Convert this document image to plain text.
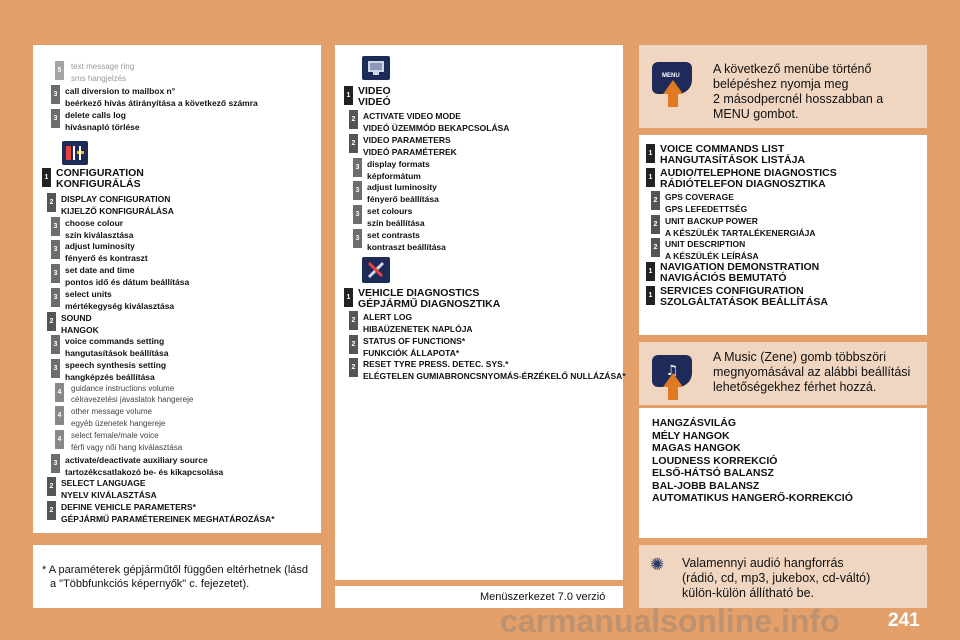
5	text message ring
sms hangjelzés
3 call diversion to mailbox n°
beérkező hívás átirányítása a következő számra
3 delete calls log
hívásnapló törlése
1 CONFIGURATION
KONFIGURÁLÁS
2 DISPLAY CONFIGURATION
KIJELZŐ KONFIGURÁLÁSA
3 choose colour
szín kiválasztása
3 adjust luminosity
fényerő és kontraszt
3 set date and time
pontos idő és dátum beállítása
3 select units
mértékegység kiválasztása
2 SOUND
HANGOK
3 voice commands setting
hangutasítások beállítása
3 speech synthesis setting
hangképzés beállítása
4	guidance instructions volume
célravezetési javaslatok hangereje
4	other message volume
egyéb üzenetek hangereje
4	select female/male voice
férfi vagy női hang kiválasztása
3 activate/deactivate auxiliary source
tartozékcsatlakozó be- és kikapcsolása
2 SELECT LANGUAGE
NYELV KIVÁLASZTÁSA
2 DEFINE VEHICLE PARAMETERS*
GÉPJÁRMŰ PARAMÉTEREINEK MEGHATÁROZÁSA*
* A paraméterek gépjárműtől függően eltérhetnek (lásd
a "Többfunkciós képernyők" c. fejezetet).
1 VIDEO
VIDEÓ
2 ACTIVATE VIDEO MODE
VIDEÓ ÜZEMMÓD BEKAPCSOLÁSA
2 VIDEO PARAMETERS
VIDEÓ PARAMÉTEREK
3 display formats
képformátum
3 adjust luminosity
fényerő beállítása
3 set colours
szín beállítása
3 set contrasts
kontraszt beállítása
1 VEHICLE DIAGNOSTICS
GÉPJÁRMŰ DIAGNOSZTIKA
2 ALERT LOG
HIBAÜZENETEK NAPLÓJA
2 STATUS OF FUNCTIONS*
FUNKCIÓK ÁLLAPOTA*
2 RESET TYRE PRESS. DETEC. SYS.*
ELÉGTELEN GUMIABRONCSNYOMÁS-ÉRZÉKELŐ NULLÁZÁSA*
Menüszerkezet 7.0 verzió
MENU	A következő menübe történő
belépéshez nyomja meg
2 másodpercnél hosszabban a
MENU gombot.
1 VOICE COMMANDS LIST
HANGUTASÍTÁSOK LISTÁJA
1 AUDIO/TELEPHONE DIAGNOSTICS
RÁDIÓTELEFON DIAGNOSZTIKA
2 GPS COVERAGE
GPS LEFEDETTSÉG
2 UNIT BACKUP POWER
A KÉSZÜLÉK TARTALÉKENERGIÁJA
2 UNIT DESCRIPTION
A KÉSZÜLÉK LEÍRÁSA
1 NAVIGATION DEMONSTRATION
NAVIGÁCIÓS BEMUTATÓ
1 SERVICES CONFIGURATION
SZOLGÁLTATÁSOK BEÁLLÍTÁSA
♫
A Music (Zene) gomb többszöri
megnyomásával az alábbi beállítási
lehetőségekhez férhet hozzá.
HANGZÁSVILÁG
MÉLY HANGOK
MAGAS HANGOK
LOUDNESS KORREKCIÓ
ELSŐ-HÁTSÓ BALANSZ
BAL-JOBB BALANSZ
AUTOMATIKUS HANGERŐ-KORREKCIÓ
✺	Valamennyi audió hangforrás
(rádió, cd, mp3, jukebox, cd-váltó)
külön-külön állítható be.
241
carmanualsonline.info
